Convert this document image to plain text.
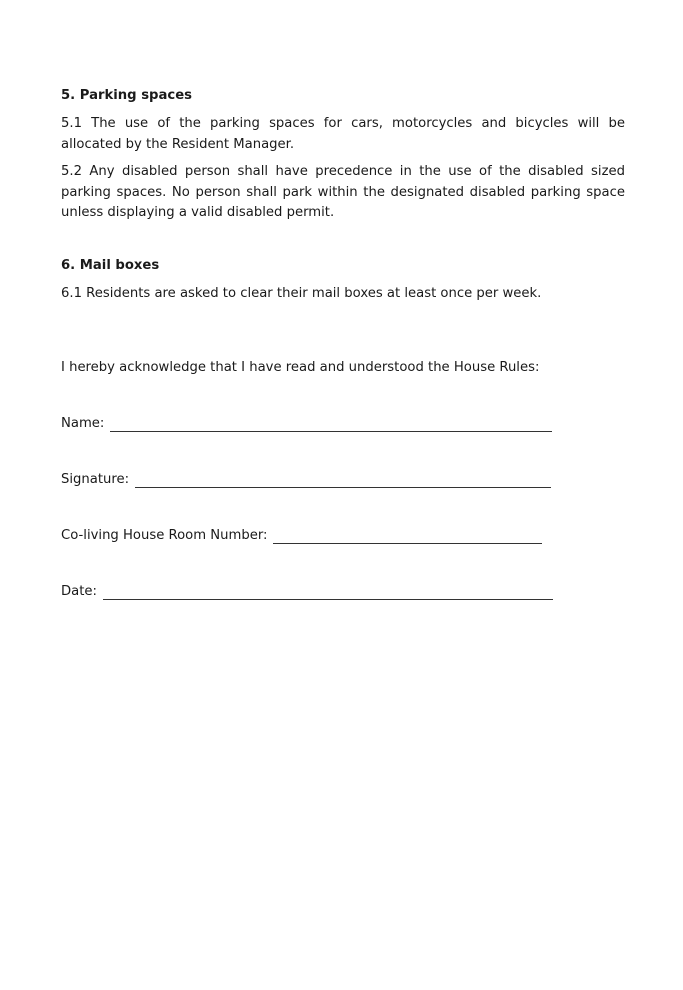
5. Parking spaces

5.1 The use of the parking spaces for cars, motorcycles and bicycles will be allocated by the Resident Manager.

5.2 Any disabled person shall have precedence in the use of the disabled sized parking spaces. No person shall park within the designated disabled parking space unless displaying a valid disabled permit.

6. Mail boxes

6.1 Residents are asked to clear their mail boxes at least once per week.

I hereby acknowledge that I have read and understood the House Rules:

Name:
Signature:
Co-living House Room Number:
Date:
